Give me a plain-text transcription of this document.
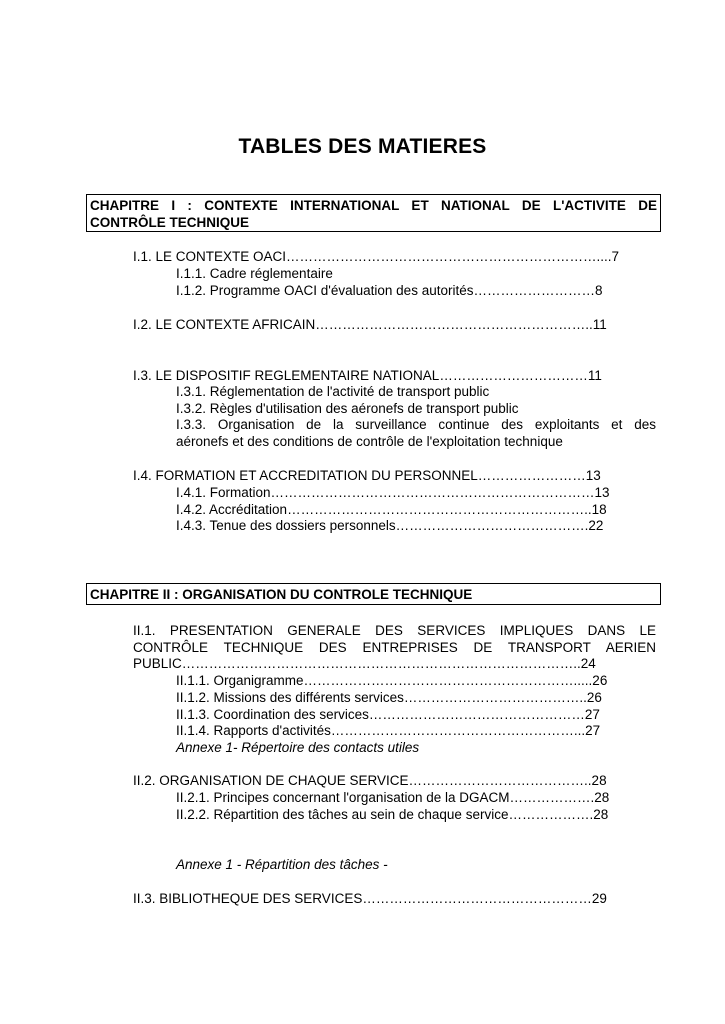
TABLES DES MATIERES
CHAPITRE I : CONTEXTE INTERNATIONAL ET NATIONAL DE L'ACTIVITE DE
CONTRÔLE TECHNIQUE
I.1. LE CONTEXTE OACI……………………………………………………………....7
I.1.1. Cadre réglementaire
I.1.2. Programme OACI d'évaluation des autorités………………………8
I.2. LE CONTEXTE AFRICAIN……………………………………………………..11
I.3. LE DISPOSITIF REGLEMENTAIRE NATIONAL……………………………11
I.3.1. Réglementation de l'activité de transport public
I.3.2. Règles d'utilisation des aéronefs de transport public
I.3.3. Organisation de la surveillance continue des exploitants et des
aéronefs et des conditions de contrôle de l'exploitation technique
I.4. FORMATION ET ACCREDITATION DU PERSONNEL……………………13
I.4.1. Formation………………………………………………………………13
I.4.2. Accréditation…………………………………………………………..18
I.4.3. Tenue des dossiers personnels…………………………………….22
CHAPITRE II : ORGANISATION DU CONTROLE TECHNIQUE
II.1. PRESENTATION GENERALE DES SERVICES IMPLIQUES DANS LE
CONTRÔLE TECHNIQUE DES ENTREPRISES DE TRANSPORT AERIEN
PUBLIC……………………………………………………………………………..24
II.1.1. Organigramme…………………………………………………….....26
II.1.2. Missions des différents services…………………………………..26
II.1.3. Coordination des services…………………………………………27
II.1.4. Rapports d'activités………………………………………………...27
Annexe 1- Répertoire des contacts utiles
II.2. ORGANISATION DE CHAQUE SERVICE…………………………………..28
II.2.1. Principes concernant l'organisation de la DGACM……………….28
II.2.2. Répartition des tâches au sein de chaque service……………….28
Annexe 1 - Répartition des tâches -
II.3. BIBLIOTHEQUE DES SERVICES……………………………………………29
